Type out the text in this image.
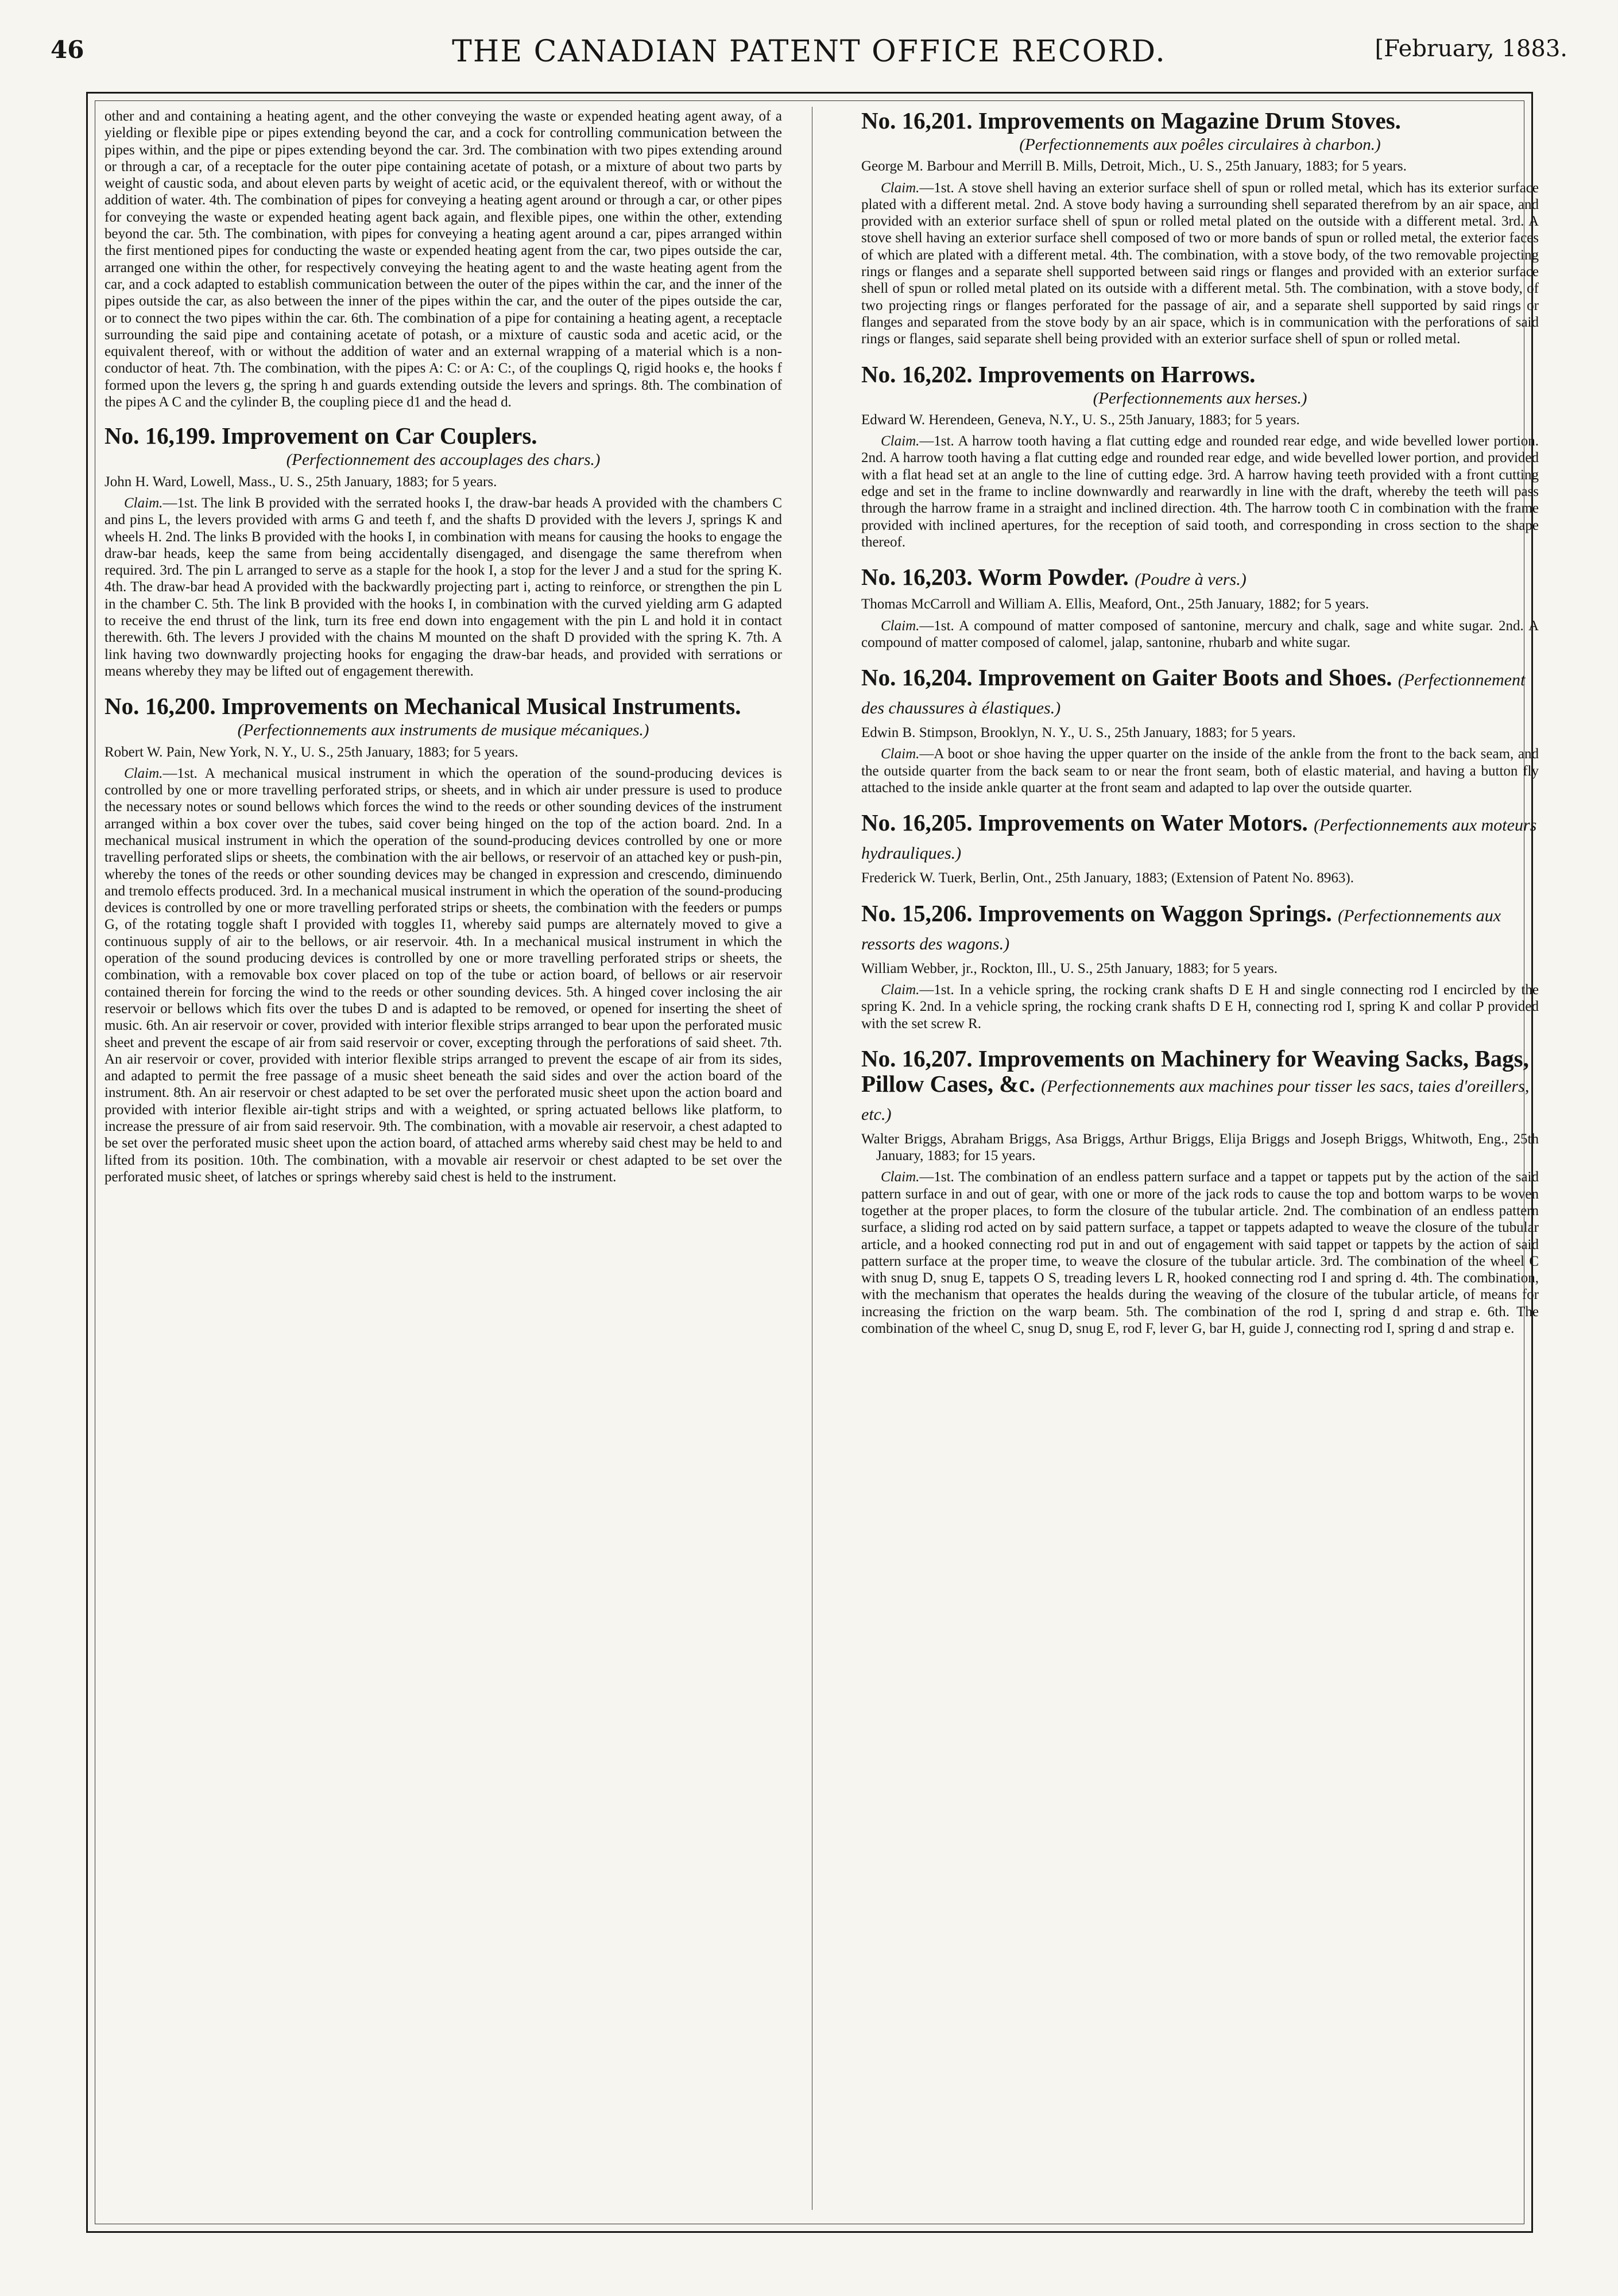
46	THE CANADIAN PATENT OFFICE RECORD.	[February, 1883.

other and and containing a heating agent, and the other conveying the waste or expended heating agent away, of a yielding or flexible pipe or pipes extending beyond the car, and a cock for controlling communication between the pipes within, and the pipe or pipes extending beyond the car. 3rd. The combination with two pipes extending around or through a car, of a receptacle for the outer pipe containing acetate of potash, or a mixture of about two parts by weight of caustic soda, and about eleven parts by weight of acetic acid, or the equivalent thereof, with or without the addition of water. 4th. The combination of pipes for conveying a heating agent around or through a car, or other pipes for conveying the waste or expended heating agent back again, and flexible pipes, one within the other, extending beyond the car. 5th. The combination, with pipes for conveying a heating agent around a car, pipes arranged within the first mentioned pipes for conducting the waste or expended heating agent from the car, two pipes outside the car, arranged one within the other, for respectively conveying the heating agent to and the waste heating agent from the car, and a cock adapted to establish communication between the outer of the pipes within the car, and the inner of the pipes outside the car, as also between the inner of the pipes within the car, and the outer of the pipes outside the car, or to connect the two pipes within the car. 6th. The combination of a pipe for containing a heating agent, a receptacle surrounding the said pipe and containing acetate of potash, or a mixture of caustic soda and acetic acid, or the equivalent thereof, with or without the addition of water and an external wrapping of a material which is a non-conductor of heat. 7th. The combination, with the pipes A: C: or A: C:, of the couplings Q, rigid hooks e, the hooks f formed upon the levers g, the spring h and guards extending outside the levers and springs. 8th. The combination of the pipes A C and the cylinder B, the coupling piece d1 and the head d.

No. 16,199. Improvement on Car Couplers.
(Perfectionnement des accouplages des chars.)

John H. Ward, Lowell, Mass., U. S., 25th January, 1883; for 5 years.

Claim.—1st. The link B provided with the serrated hooks I, the draw-bar heads A provided with the chambers C and pins L, the levers provided with arms G and teeth f, and the shafts D provided with the levers J, springs K and wheels H. 2nd. The links B provided with the hooks I, in combination with means for causing the hooks to engage the draw-bar heads, keep the same from being accidentally disengaged, and disengage the same therefrom when required. 3rd. The pin L arranged to serve as a staple for the hook I, a stop for the lever J and a stud for the spring K. 4th. The draw-bar head A provided with the backwardly projecting part i, acting to reinforce, or strengthen the pin L in the chamber C. 5th. The link B provided with the hooks I, in combination with the curved yielding arm G adapted to receive the end thrust of the link, turn its free end down into engagement with the pin L and hold it in contact therewith. 6th. The levers J provided with the chains M mounted on the shaft D provided with the spring K. 7th. A link having two downwardly projecting hooks for engaging the draw-bar heads, and provided with serrations or means whereby they may be lifted out of engagement therewith.

No. 16,200. Improvements on Mechanical Musical Instruments.
(Perfectionnements aux instruments de musique mécaniques.)

Robert W. Pain, New York, N. Y., U. S., 25th January, 1883; for 5 years.

Claim.—1st. A mechanical musical instrument in which the operation of the sound-producing devices is controlled by one or more travelling perforated strips, or sheets, and in which air under pressure is used to produce the necessary notes or sound bellows which forces the wind to the reeds or other sounding devices of the instrument arranged within a box cover over the tubes, said cover being hinged on the top of the action board. 2nd. In a mechanical musical instrument in which the operation of the sound-producing devices controlled by one or more travelling perforated slips or sheets, the combination with the air bellows, or reservoir of an attached key or push-pin, whereby the tones of the reeds or other sounding devices may be changed in expression and crescendo, diminuendo and tremolo effects produced. 3rd. In a mechanical musical instrument in which the operation of the sound-producing devices is controlled by one or more travelling perforated strips or sheets, the combination with the feeders or pumps G, of the rotating toggle shaft I provided with toggles I1, whereby said pumps are alternately moved to give a continuous supply of air to the bellows, or air reservoir. 4th. In a mechanical musical instrument in which the operation of the sound producing devices is controlled by one or more travelling perforated strips or sheets, the combination, with a removable box cover placed on top of the tube or action board, of bellows or air reservoir contained therein for forcing the wind to the reeds or other sounding devices. 5th. A hinged cover inclosing the air reservoir or bellows which fits over the tubes D and is adapted to be removed, or opened for inserting the sheet of music. 6th. An air reservoir or cover, provided with interior flexible strips arranged to bear upon the perforated music sheet and prevent the escape of air from said reservoir or cover, excepting through the perforations of said sheet. 7th. An air reservoir or cover, provided with interior flexible strips arranged to prevent the escape of air from its sides, and adapted to permit the free passage of a music sheet beneath the said sides and over the action board of the instrument. 8th. An air reservoir or chest adapted to be set over the perforated music sheet upon the action board and provided with interior flexible air-tight strips and with a weighted, or spring actuated bellows like platform, to increase the pressure of air from said reservoir. 9th. The combination, with a movable air reservoir, a chest adapted to be set over the perforated music sheet upon the action board, of attached arms whereby said chest may be held to and lifted from its position. 10th. The combination, with a movable air reservoir or chest adapted to be set over the perforated music sheet, of latches or springs whereby said chest is held to the instrument.

No. 16,201. Improvements on Magazine Drum Stoves.
(Perfectionnements aux poêles circulaires à charbon.)

George M. Barbour and Merrill B. Mills, Detroit, Mich., U. S., 25th January, 1883; for 5 years.

Claim.—1st. A stove shell having an exterior surface shell of spun or rolled metal, which has its exterior surface plated with a different metal. 2nd. A stove body having a surrounding shell separated therefrom by an air space, and provided with an exterior surface shell of spun or rolled metal plated on the outside with a different metal. 3rd. A stove shell having an exterior surface shell composed of two or more bands of spun or rolled metal, the exterior faces of which are plated with a different metal. 4th. The combination, with a stove body, of the two removable projecting rings or flanges and a separate shell supported between said rings or flanges and provided with an exterior surface shell of spun or rolled metal plated on its outside with a different metal. 5th. The combination, with a stove body, of two projecting rings or flanges perforated for the passage of air, and a separate shell supported by said rings or flanges and separated from the stove body by an air space, which is in communication with the perforations of said rings or flanges, said separate shell being provided with an exterior surface shell of spun or rolled metal.

No. 16,202. Improvements on Harrows.
(Perfectionnements aux herses.)

Edward W. Herendeen, Geneva, N.Y., U. S., 25th January, 1883; for 5 years.

Claim.—1st. A harrow tooth having a flat cutting edge and rounded rear edge, and wide bevelled lower portion. 2nd. A harrow tooth having a flat cutting edge and rounded rear edge, and wide bevelled lower portion, and provided with a flat head set at an angle to the line of cutting edge. 3rd. A harrow having teeth provided with a front cutting edge and set in the frame to incline downwardly and rearwardly in line with the draft, whereby the teeth will pass through the harrow frame in a straight and inclined direction. 4th. The harrow tooth C in combination with the frame provided with inclined apertures, for the reception of said tooth, and corresponding in cross section to the shape thereof.

No. 16,203. Worm Powder. (Poudre à vers.)

Thomas McCarroll and William A. Ellis, Meaford, Ont., 25th January, 1882; for 5 years.

Claim.—1st. A compound of matter composed of santonine, mercury and chalk, sage and white sugar. 2nd. A compound of matter composed of calomel, jalap, santonine, rhubarb and white sugar.

No. 16,204. Improvement on Gaiter Boots and Shoes. (Perfectionnement des chaussures à élastiques.)

Edwin B. Stimpson, Brooklyn, N. Y., U. S., 25th January, 1883; for 5 years.

Claim.—A boot or shoe having the upper quarter on the inside of the ankle from the front to the back seam, and the outside quarter from the back seam to or near the front seam, both of elastic material, and having a button fly attached to the inside ankle quarter at the front seam and adapted to lap over the outside quarter.

No. 16,205. Improvements on Water Motors. (Perfectionnements aux moteurs hydrauliques.)

Frederick W. Tuerk, Berlin, Ont., 25th January, 1883; (Extension of Patent No. 8963).

No. 15,206. Improvements on Waggon Springs. (Perfectionnements aux ressorts des wagons.)

William Webber, jr., Rockton, Ill., U. S., 25th January, 1883; for 5 years.

Claim.—1st. In a vehicle spring, the rocking crank shafts D E H and single connecting rod I encircled by the spring K. 2nd. In a vehicle spring, the rocking crank shafts D E H, connecting rod I, spring K and collar P provided with the set screw R.

No. 16,207. Improvements on Machinery for Weaving Sacks, Bags, Pillow Cases, &c. (Perfectionnements aux machines pour tisser les sacs, taies d'oreillers, etc.)

Walter Briggs, Abraham Briggs, Asa Briggs, Arthur Briggs, Elija Briggs and Joseph Briggs, Whitwoth, Eng., 25th January, 1883; for 15 years.

Claim.—1st. The combination of an endless pattern surface and a tappet or tappets put by the action of the said pattern surface in and out of gear, with one or more of the jack rods to cause the top and bottom warps to be woven together at the proper places, to form the closure of the tubular article. 2nd. The combination of an endless pattern surface, a sliding rod acted on by said pattern surface, a tappet or tappets adapted to weave the closure of the tubular article, and a hooked connecting rod put in and out of engagement with said tappet or tappets by the action of said pattern surface at the proper time, to weave the closure of the tubular article. 3rd. The combination of the wheel C with snug D, snug E, tappets O S, treading levers L R, hooked connecting rod I and spring d. 4th. The combination, with the mechanism that operates the healds during the weaving of the closure of the tubular article, of means for increasing the friction on the warp beam. 5th. The combination of the rod I, spring d and strap e. 6th. The combination of the wheel C, snug D, snug E, rod F, lever G, bar H, guide J, connecting rod I, spring d and strap e.
